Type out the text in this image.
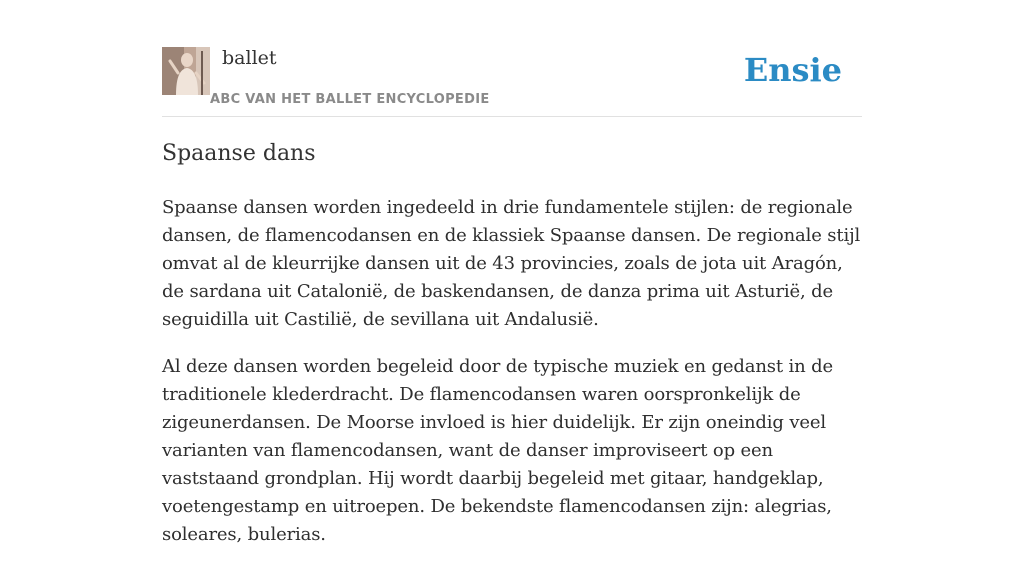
ballet
ABC VAN HET BALLET ENCYCLOPEDIE
Ensie
Spaanse dans

Spaanse dansen worden ingedeeld in drie fundamentele stijlen: de regionale dansen, de flamencodansen en de klassiek Spaanse dansen. De regionale stijl omvat al de kleurrijke dansen uit de 43 provincies, zoals de jota uit Aragón, de sardana uit Catalonië, de baskendansen, de danza prima uit Asturië, de seguidilla uit Castilië, de sevillana uit Andalusië.

Al deze dansen worden begeleid door de typische muziek en gedanst in de traditionele klederdracht. De flamencodansen waren oorspronkelijk de zigeunerdansen. De Moorse invloed is hier duidelijk. Er zijn oneindig veel varianten van flamencodansen, want de danser improviseert op een vaststaand grondplan. Hij wordt daarbij begeleid met gitaar, handgeklap, voetengestamp en uitroepen. De bekendste flamencodansen zijn: alegrias, soleares, bulerias.
